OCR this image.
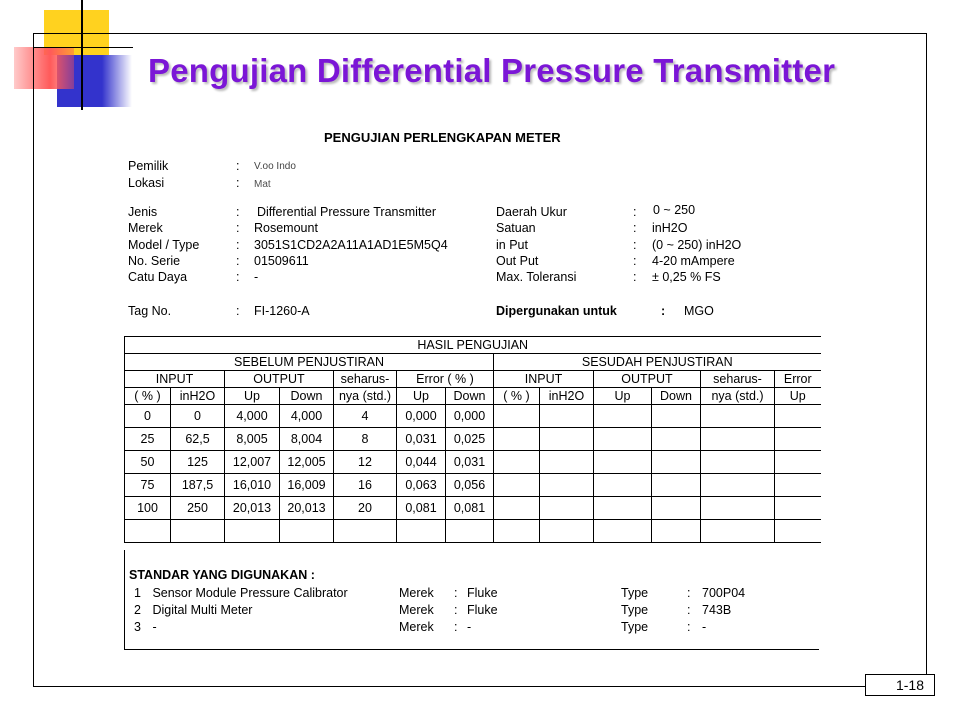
Pengujian Differential Pressure Transmitter
PENGUJIAN PERLENGKAPAN METER
Pemilik	: V.oo Indo
Lokasi	: Mat
Jenis	: Differential Pressure Transmitter
Merek	: Rosemount
Model / Type	: 3051S1CD2A2A11A1AD1E5M5Q4
No. Serie	: 01509611
Catu Daya	: -
Daerah Ukur	: 0 ~ 250
Satuan	: inH2O
in Put	: (0 ~ 250) inH2O
Out Put	: 4-20 mAmpere
Max. Toleransi	: ± 0,25 % FS
Tag No.	: FI-1260-A	Dipergunakan untuk	: MGO
HASIL PENGUJIAN												
SEBELUM PENJUSTIRAN							SESUDAH PENJUSTIRAN					
INPUT		OUTPUT		seharus-	Error ( % )		INPUT		OUTPUT		seharus-	Error
( % )	inH2O	Up	Down	nya (std.)	Up	Down	( % )	inH2O	Up	Down	nya (std.)	Up
0	0	4,000	4,000	4	0,000	0,000						
25	62,5	8,005	8,004	8	0,031	0,025						
50	125	12,007	12,005	12	0,044	0,031						
75	187,5	16,010	16,009	16	0,063	0,056						
100	250	20,013	20,013	20	0,081	0,081						

STANDAR YANG DIGUNAKAN :
1 Sensor Module Pressure Calibrator	Merek : Fluke	Type	: 700P04
2 Digital Multi Meter	Merek : Fluke	Type	: 743B
3 -	Merek : -	Type	: -
1-18
